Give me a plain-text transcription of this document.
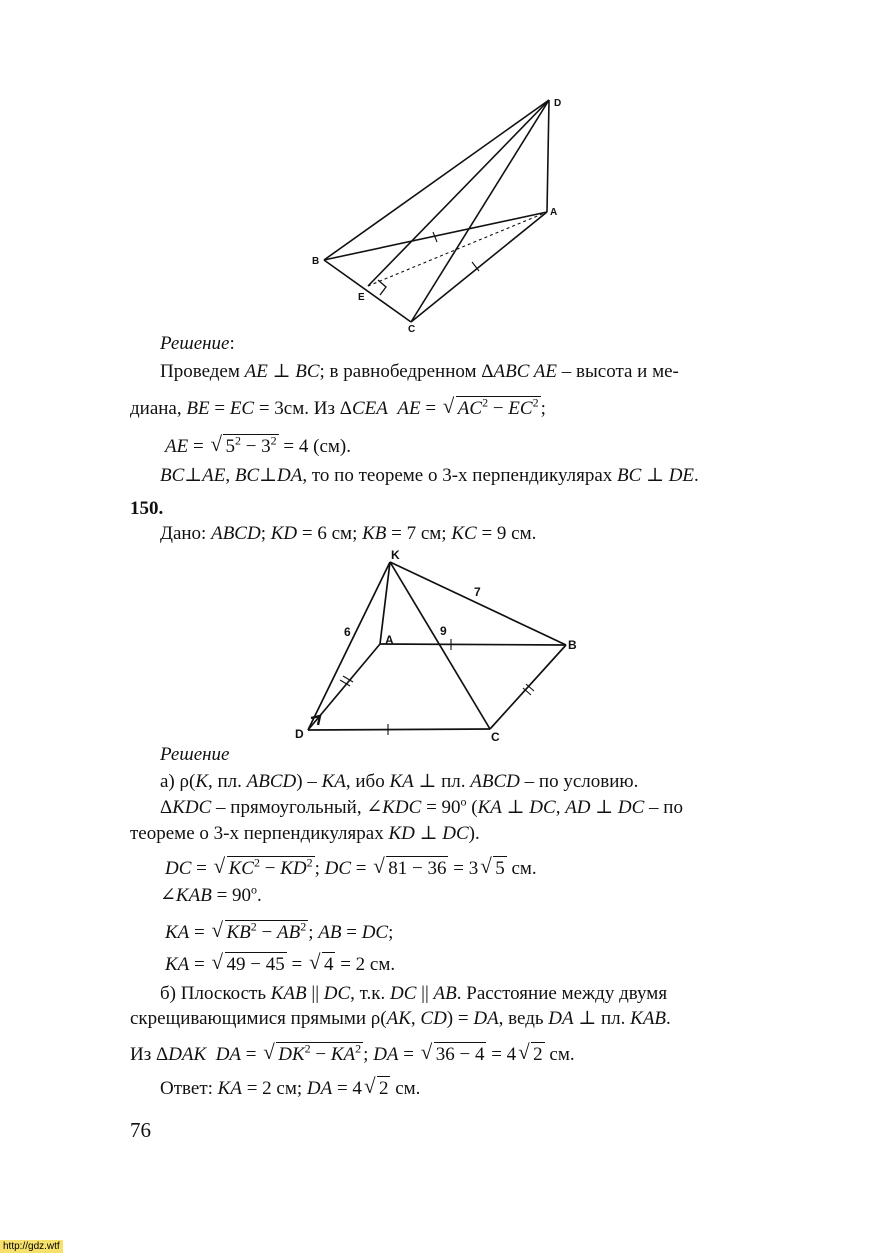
D
A
B
E
C
Решение:
Проведем AE ⊥ BC; в равнобедренном ΔABC AE – высота и ме-
диана, BE = EC = 3см. Из ΔCEA AE = √ $AC^2 - EC^2$ ;
AE = √ $5^2 - 3^2 = 4$ (см).
BC⊥AE, BC⊥DA, то по теореме о 3-х перпендикулярах BC ⊥ DE.
150.
Дано: ABCD; KD = 6 см; KB = 7 см; KC = 9 см.
K
7
6
A
9
B
D	C
Решение
а) ρ(K, пл. ABCD) – KA, ибо KA ⊥ пл. ABCD – по условию.
ΔKDC – прямоугольный, ∠KDC = $90^o$ (KA ⊥ DC, AD ⊥ DC – по
теореме о 3-х перпендикулярах KD ⊥ DC).
DC = √ $KC^2 - KD^2$ ; DC = √ 81 − 36 = 3 √ 5 см.
∠KAB = $90^o$.
KA = √ $KB^2 - AB^2$ ; AB = DC;
KA = √ 49 − 45 = √ 4 = 2 см.
б) Плоскость KAB || DC, т.к. DC || AB. Расстояние между двумя
скрещивающимися прямыми ρ(AK, CD) = DA, ведь DA ⊥ пл. KAB.
Из ΔDAK DA = √ $DK^2 - KA^2$ ; DA = √ 36 − 4 = 4 √ 2 см.
Ответ: KA = 2 см; DA = 4 √ 2 см.
76
http://gdz.wtf
